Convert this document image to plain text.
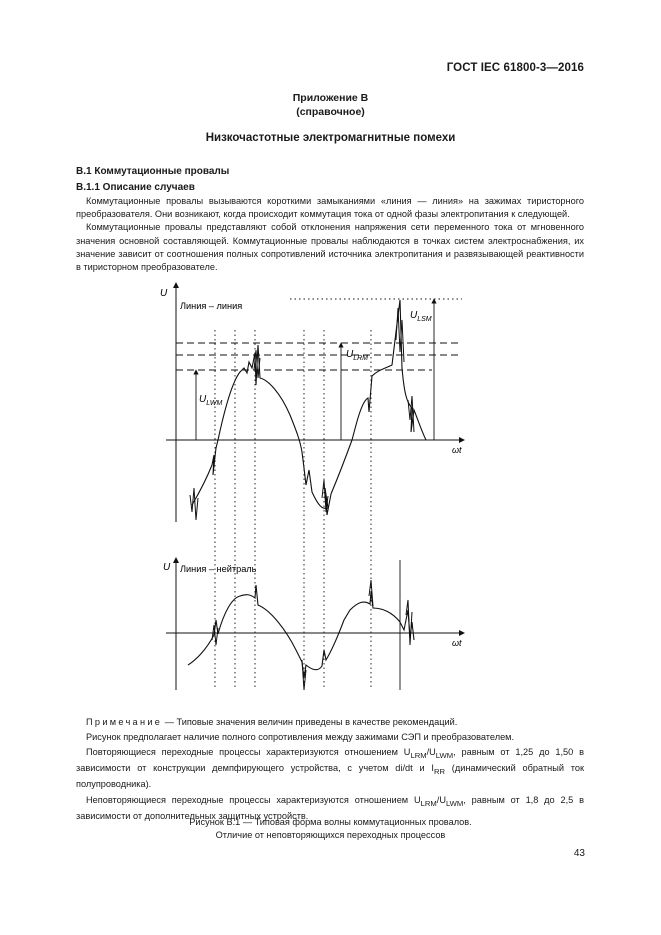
ГОСТ IEC 61800-3—2016
Приложение В
(справочное)
Низкочастотные электромагнитные помехи
В.1 Коммутационные провалы
В.1.1 Описание случаев

Коммутационные провалы вызываются короткими замыканиями «линия — линия» на зажимах тиристорного преобразователя. Они возникают, когда происходит коммутация тока от одной фазы электропитания к следующей.

Коммутационные провалы представляют собой отклонения напряжения сети переменного тока от мгновенного значения основной составляющей. Коммутационные провалы наблюдаются в точках систем электроснабжения, их значение зависит от соотношения полных сопротивлений источника электропитания и развязывающей реактивности в тиристорном преобразователе.

U
ωt
Линия – линия
$U_{LWM}$
$U_{LRM}$
$U_{LSM}$
U
ωt
Линия – нейтраль

Примечание — Типовые значения величин приведены в качестве рекомендаций.

Рисунок предполагает наличие полного сопротивления между зажимами СЭП и преобразователем.

Повторяющиеся переходные процессы характеризуются отношением $U_{LRM}/U_{LWM}$, равным от 1,25 до 1,50 в зависимости от конструкции демпфирующего устройства, с учетом di/dt и $I_{RR}$ (динамический обратный ток полупроводника).

Неповторяющиеся переходные процессы характеризуются отношением $U_{LRM}/U_{LWM}$, равным от 1,8 до 2,5 в зависимости от дополнительных защитных устройств.

Рисунок В.1 — Типовая форма волны коммутационных провалов.
Отличие от неповторяющихся переходных процессов
43
